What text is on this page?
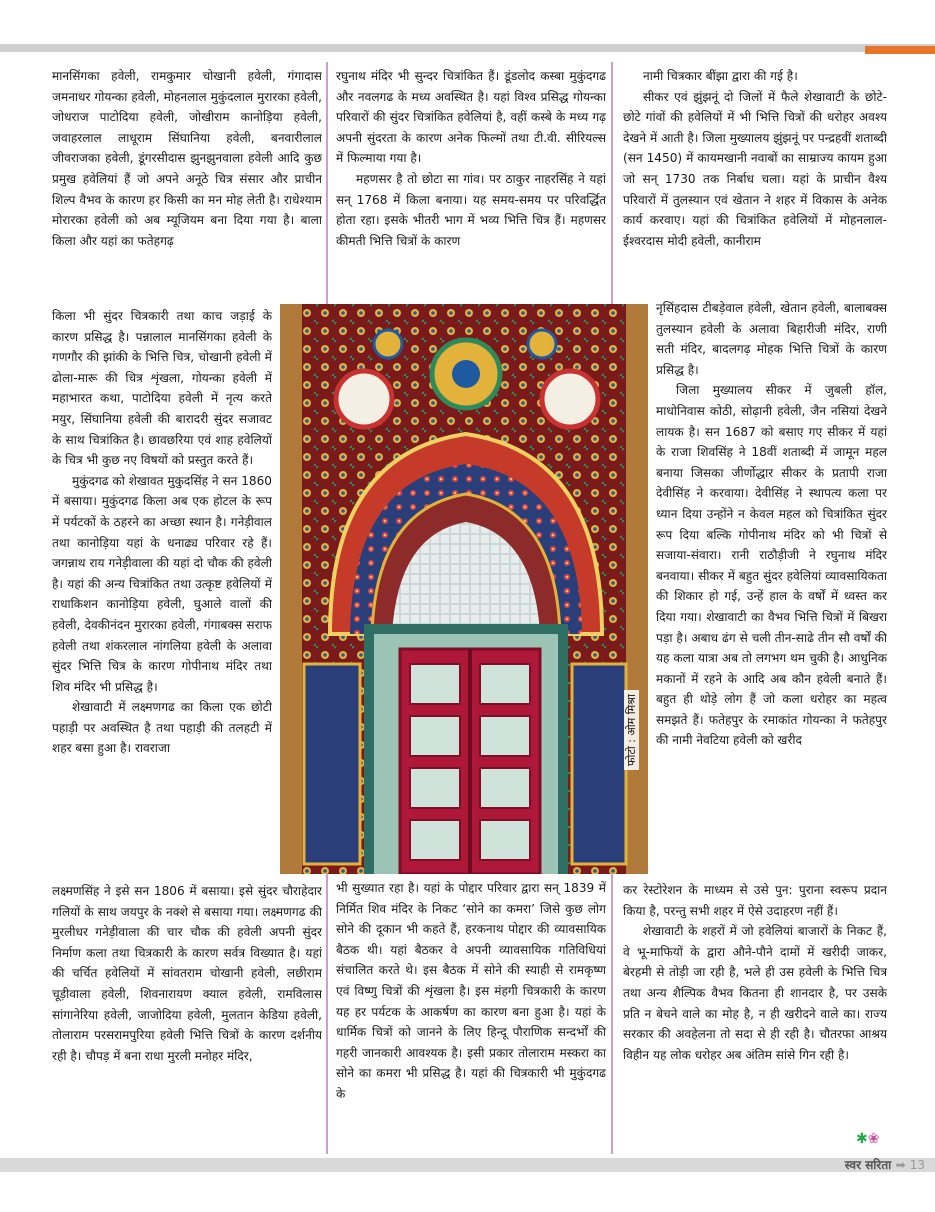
मानसिंगका हवेली, रामकुमार चोखानी हवेली, गंगादास जमनाधर गोयन्का हवेली, मोहनलाल मुकुंदलाल मुरारका हवेली, जोधराज पाटोदिया हवेली, जोखीराम कानोड़िया हवेली, जवाहरलाल लाधूराम सिंघानिया हवेली, बनवारीलाल जीवराजका हवेली, डूंगरसीदास झुनझुनवाला हवेली आदि कुछ प्रमुख हवेलियां हैं जो अपने अनूठे चित्र संसार और प्राचीन शिल्प वैभव के कारण हर किसी का मन मोह लेती है। राधेश्याम मोरारका हवेली को अब म्यूजियम बना दिया गया है। बाला किला और यहां का फतेहगढ़

किला भी सुंदर चित्रकारी तथा काच जड़ाई के कारण प्रसिद्ध है। पन्नालाल मानसिंगका हवेली के गणगौर की झांकी के भित्ति चित्र, चोखानी हवेली में ढोला-मारू की चित्र शृंखला, गोयन्का हवेली में महाभारत कथा, पाटोदिया हवेली में नृत्य करते मयुर, सिंघानिया हवेली की बारादरी सुंदर सजावट के साथ चित्रांकित है। छावछरिया एवं शाह हवेलियों के चित्र भी कुछ नए विषयों को प्रस्तुत करते हैं।

मुकुंदगढ को शेखावत मुकुदसिंह ने सन 1860 में बसाया। मुकुंदगढ किला अब एक होटल के रूप में पर्यटकों के ठहरने का अच्छा स्थान है। गनेड़ीवाल तथा कानोड़िया यहां के धनाढ्य परिवार रहे हैं। जगन्नाथ राय गनेड़ीवाला की यहां दो चौक की हवेली है। यहां की अन्य चित्रांकित तथा उत्कृष्ट हवेलियों में राधाकिशन कानोड़िया हवेली, घुआले वालों की हवेली, देवकीनंदन मुरारका हवेली, गंगाबक्स सराफ हवेली तथा शंकरलाल नांगलिया हवेली के अलावा सुंदर भित्ति चित्र के कारण गोपीनाथ मंदिर तथा शिव मंदिर भी प्रसिद्ध है।

शेखावाटी में लक्ष्मणगढ का किला एक छोटी पहाड़ी पर अवस्थित है तथा पहाड़ी की तलहटी में शहर बसा हुआ है। रावराजा

लक्ष्मणसिंह ने इसे सन 1806 में बसाया। इसे सुंदर चौराहेदार गलियों के साथ जयपुर के नक्शे से बसाया गया। लक्ष्मणगढ की मुरलीधर गनेड़ीवाला की चार चौक की हवेली अपनी सुंदर निर्माण कला तथा चित्रकारी के कारण सर्वत्र विख्यात है। यहां की चर्चित हवेलियों में सांवतराम चोखानी हवेली, लछीराम चूड़ीवाला हवेली, शिवनारायण क्याल हवेली, रामविलास सांगानेरिया हवेली, जाजोदिया हवेली, मुलतान केडिया हवेली, तोलाराम परसरामपुरिया हवेली भित्ति चित्रों के कारण दर्शनीय रही है। चौपड़ में बना राधा मुरली मनोहर मंदिर,

रघुनाथ मंदिर भी सुन्दर चित्रांकित हैं। डूंडलोद कस्बा मुकुंदगढ और नवलगढ के मध्य अवस्थित है। यहां विश्व प्रसिद्ध गोयन्का परिवारों की सुंदर चित्रांकित हवेलियां है, वहीं कस्बे के मध्य गढ़ अपनी सुंदरता के कारण अनेक फिल्मों तथा टी.वी. सीरियल्स में फिल्माया गया है।

महणसर है तो छोटा सा गांव। पर ठाकुर नाहरसिंह ने यहां सन् 1768 में किला बनाया। यह समय-समय पर परिवर्द्धित होता रहा। इसके भीतरी भाग में भव्य भित्ति चित्र हैं। महणसर कीमती भित्ति चित्रों के कारण

भी सुख्यात रहा है। यहां के पोद्दार परिवार द्वारा सन् 1839 में निर्मित शिव मंदिर के निकट ‘सोने का कमरा’ जिसे कुछ लोग सोने की दूकान भी कहते हैं, हरकनाथ पोद्दार की व्यावसायिक बैठक थी। यहां बैठकर वे अपनी व्यावसायिक गतिविधियां संचालित करते थे। इस बैठक में सोने की स्याही से रामकृष्ण एवं विष्णु चित्रों की शृंखला है। इस मंहगी चित्रकारी के कारण यह हर पर्यटक के आकर्षण का कारण बना हुआ है। यहां के धार्मिक चित्रों को जानने के लिए हिन्दू पौराणिक सन्दर्भों की गहरी जानकारी आवश्यक है। इसी प्रकार तोलाराम मस्करा का सोने का कमरा भी प्रसिद्ध है। यहां की चित्रकारी भी मुकुंदगढ के

नामी चित्रकार बींझा द्वारा की गई है।

सीकर एवं झुंझनूं दो जिलों में फैले शेखावाटी के छोटे-छोटे गांवों की हवेलियों में भी भित्ति चित्रों की धरोहर अवश्य देखने में आती है। जिला मुख्यालय झुंझनूं पर पन्द्रहवीं शताब्दी (सन 1450) में कायमखानी नवाबों का साम्राज्य कायम हुआ जो सन् 1730 तक निर्बाध चला। यहां के प्राचीन वैश्य परिवारों में तुलस्यान एवं खेतान ने शहर में विकास के अनेक कार्य करवाए। यहां की चित्रांकित हवेलियों में मोहनलाल-ईश्वरदास मोदी हवेली, कानीराम

नृसिंहदास टीबड़ेवाल हवेली, खेतान हवेली, बालाबक्स तुलस्यान हवेली के अलावा बिहारीजी मंदिर, राणी सती मंदिर, बादलगढ़ मोहक भित्ति चित्रों के कारण प्रसिद्ध है।

जिला मुख्यालय सीकर में जुबली हॉल, माधोनिवास कोठी, सोढ़ानी हवेली, जैन नसियां देखने लायक है। सन 1687 को बसाए गए सीकर में यहां के राजा शिवसिंह ने 18वीं शताब्दी में जामून महल बनाया जिसका जीर्णोद्धार सीकर के प्रतापी राजा देवीसिंह ने करवाया। देवीसिंह ने स्थापत्य कला पर ध्यान दिया उन्होंने न केवल महल को चित्रांकित सुंदर रूप दिया बल्कि गोपीनाथ मंदिर को भी चित्रों से सजाया-संवारा। रानी राठौड़ीजी ने रघुनाथ मंदिर बनवाया। सीकर में बहुत सुंदर हवेलियां व्यावसायिकता की शिकार हो गई, उन्हें हाल के वर्षों में ध्वस्त कर दिया गया। शेखावाटी का वैभव भित्ति चित्रों में बिखरा पड़ा है। अबाध ढंग से चली तीन-साढे तीन सौ वर्षों की यह कला यात्रा अब तो लगभग थम चुकी है। आधुनिक मकानों में रहने के आदि अब कौन हवेली बनाते हैं। बहुत ही थोड़े लोग हैं जो कला धरोहर का महत्व समझते हैं। फतेहपुर के रमाकांत गोयन्का ने फतेहपुर की नामी नेवटिया हवेली को खरीद

कर रेस्टोरेशन के माध्यम से उसे पुन: पुराना स्वरूप प्रदान किया है, परन्तु सभी शहर में ऐसे उदाहरण नहीं हैं।

शेखावाटी के शहरों में जो हवेलियां बाजारों के निकट हैं, वे भू-माफियों के द्वारा औने-पौने दामों में खरीदी जाकर, बेरहमी से तोड़ी जा रही है, भले ही उस हवेली के भित्ति चित्र तथा अन्य शैल्पिक वैभव कितना ही शानदार है, पर उसके प्रति न बेचने वाले का मोह है, न ही खरीदने वाले का। राज्य सरकार की अवहेलना तो सदा से ही रही है। चौतरफा आश्रय विहीन यह लोक धरोहर अब अंतिम सांसे गिन रही है।

फोटो : ओम मिश्रा
✱❀
स्वर सरिता ➡ 13
